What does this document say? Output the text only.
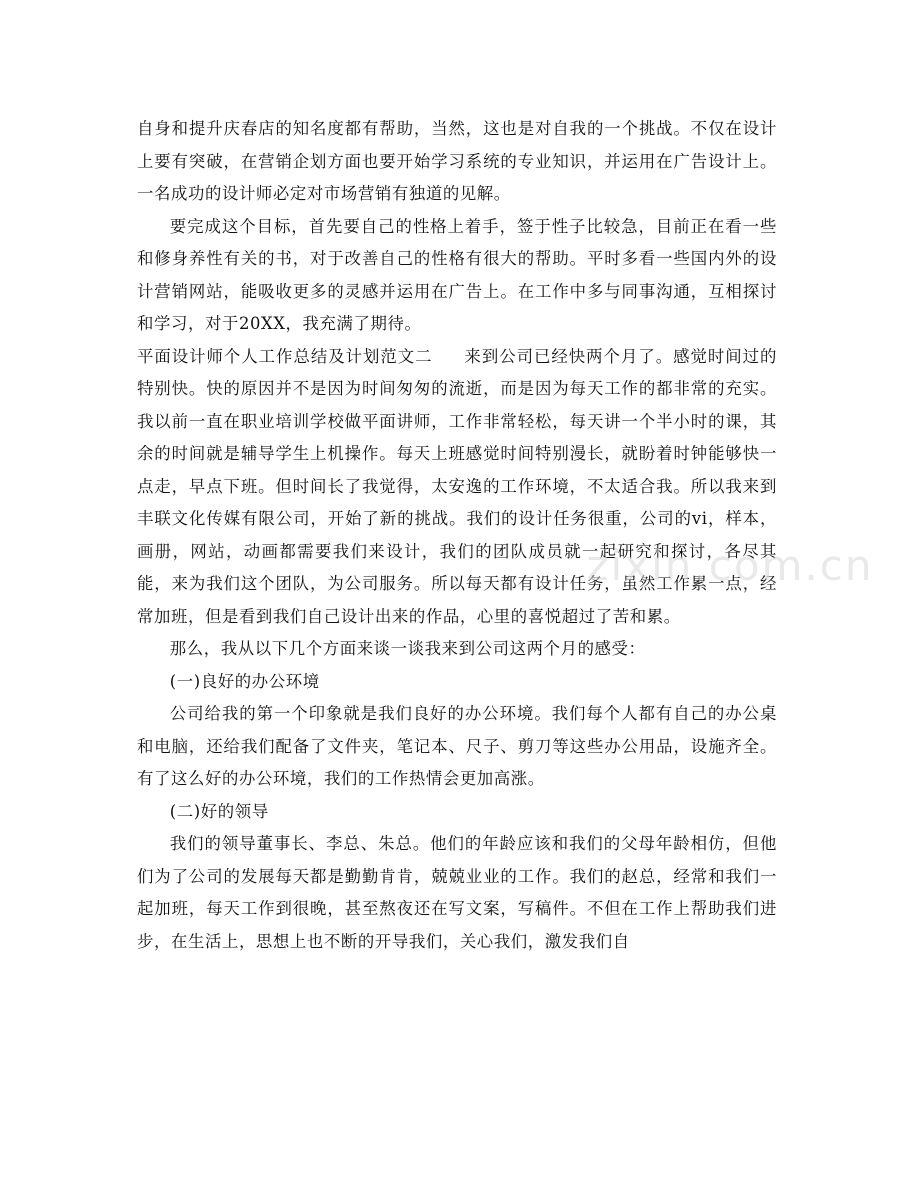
自身和提升庆春店的知名度都有帮助，当然，这也是对自我的一个挑战。不仅在设计上要有突破，在营销企划方面也要开始学习系统的专业知识，并运用在广告设计上。一名成功的设计师必定对市场营销有独道的见解。

要完成这个目标，首先要自己的性格上着手，签于性子比较急，目前正在看一些和修身养性有关的书，对于改善自己的性格有很大的帮助。平时多看一些国内外的设计营销网站，能吸收更多的灵感并运用在广告上。在工作中多与同事沟通，互相探讨和学习，对于20XX，我充满了期待。

平面设计师个人工作总结及计划范文二 来到公司已经快两个月了。感觉时间过的特别快。快的原因并不是因为时间匆匆的流逝，而是因为每天工作的都非常的充实。我以前一直在职业培训学校做平面讲师，工作非常轻松，每天讲一个半小时的课，其余的时间就是辅导学生上机操作。每天上班感觉时间特别漫长，就盼着时钟能够快一点走，早点下班。但时间长了我觉得，太安逸的工作环境，不太适合我。所以我来到丰联文化传媒有限公司，开始了新的挑战。我们的设计任务很重，公司的vi，样本，画册，网站，动画都需要我们来设计，我们的团队成员就一起研究和探讨，各尽其能，来为我们这个团队，为公司服务。所以每天都有设计任务，虽然工作累一点，经常加班，但是看到我们自己设计出来的作品，心里的喜悦超过了苦和累。

那么，我从以下几个方面来谈一谈我来到公司这两个月的感受：

(一)良好的办公环境

公司给我的第一个印象就是我们良好的办公环境。我们每个人都有自己的办公桌和电脑，还给我们配备了文件夹，笔记本、尺子、剪刀等这些办公用品，设施齐全。有了这么好的办公环境，我们的工作热情会更加高涨。

(二)好的领导

我们的领导董事长、李总、朱总。他们的年龄应该和我们的父母年龄相仿，但他们为了公司的发展每天都是勤勤肯肯，兢兢业业的工作。我们的赵总，经常和我们一起加班，每天工作到很晚，甚至熬夜还在写文案，写稿件。不但在工作上帮助我们进步，在生活上，思想上也不断的开导我们，关心我们，激发我们自

zixin.com.cn
